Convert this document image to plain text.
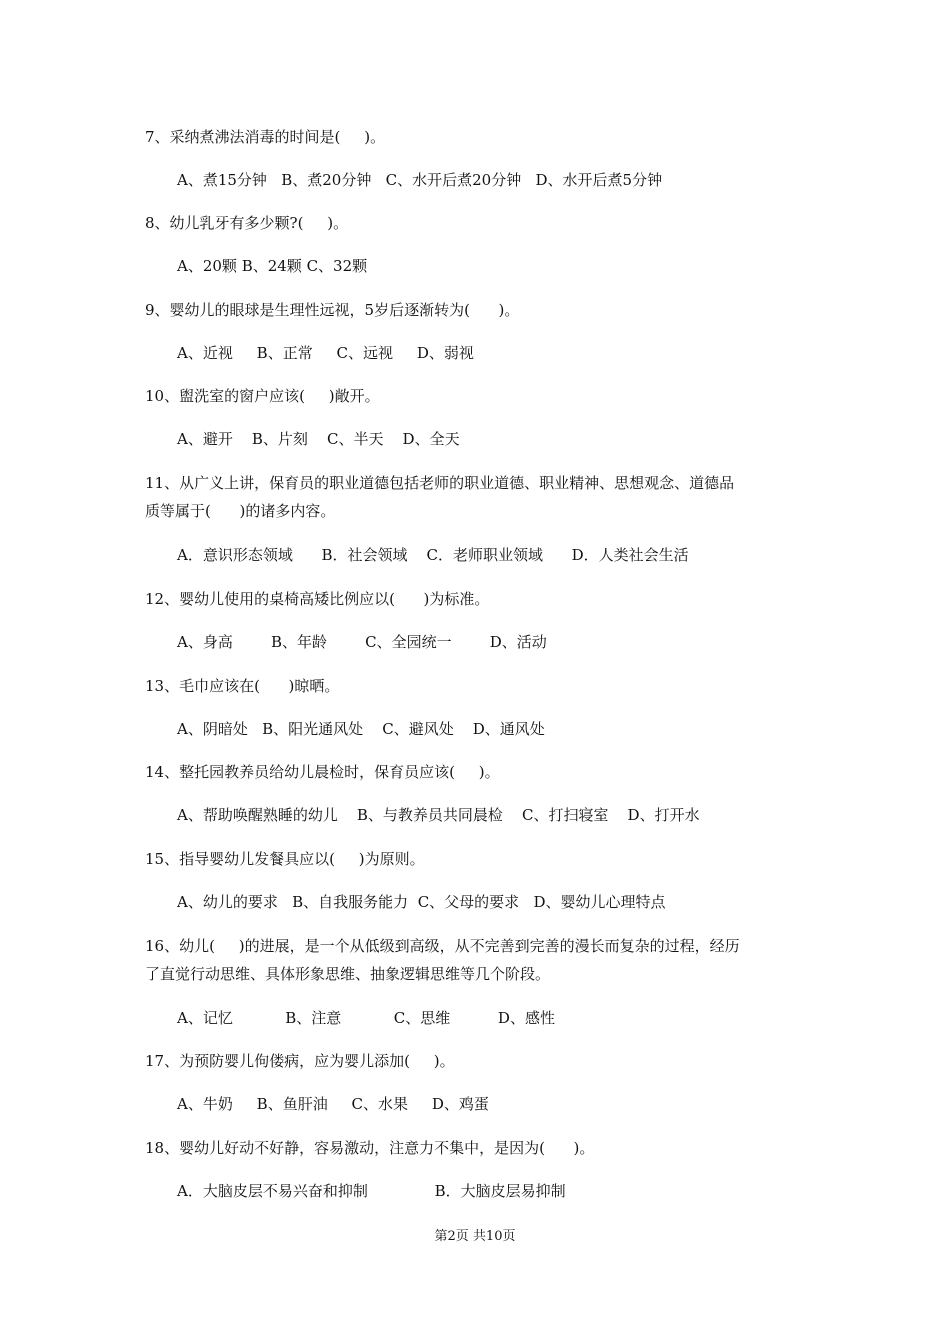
7、采纳煮沸法消毒的时间是(     )。
A、煮15分钟   B、煮20分钟   C、水开后煮20分钟   D、水开后煮5分钟
8、幼儿乳牙有多少颗?(     )。
A、20颗 B、24颗 C、32颗
9、婴幼儿的眼球是生理性远视，5岁后逐渐转为(      )。
A、近视     B、正常     C、远视     D、弱视
10、盥洗室的窗户应该(     )敞开。
A、避开    B、片刻    C、半天    D、全天
11、从广义上讲，保育员的职业道德包括老师的职业道德、职业精神、思想观念、道德品
质等属于(      )的诸多内容。
A．意识形态领域      B．社会领域    C．老师职业领域      D．人类社会生活
12、婴幼儿使用的桌椅高矮比例应以(      )为标准。
A、身高        B、年龄        C、全园统一        D、活动
13、毛巾应该在(      )晾晒。
A、阴暗处   B、阳光通风处    C、避风处    D、通风处
14、整托园教养员给幼儿晨检时，保育员应该(     )。
A、帮助唤醒熟睡的幼儿    B、与教养员共同晨检    C、打扫寝室    D、打开水
15、指导婴幼儿发餐具应以(     )为原则。
A、幼儿的要求   B、自我服务能力  C、父母的要求   D、婴幼儿心理特点
16、幼儿(     )的进展，是一个从低级到高级，从不完善到完善的漫长而复杂的过程，经历
了直觉行动思维、具体形象思维、抽象逻辑思维等几个阶段。
A、记忆           B、注意           C、思维          D、感性
17、为预防婴儿佝偻病，应为婴儿添加(     )。
A、牛奶     B、鱼肝油     C、水果     D、鸡蛋
18、婴幼儿好动不好静，容易激动，注意力不集中，是因为(      )。
A．大脑皮层不易兴奋和抑制              B．大脑皮层易抑制
第2页 共10页
